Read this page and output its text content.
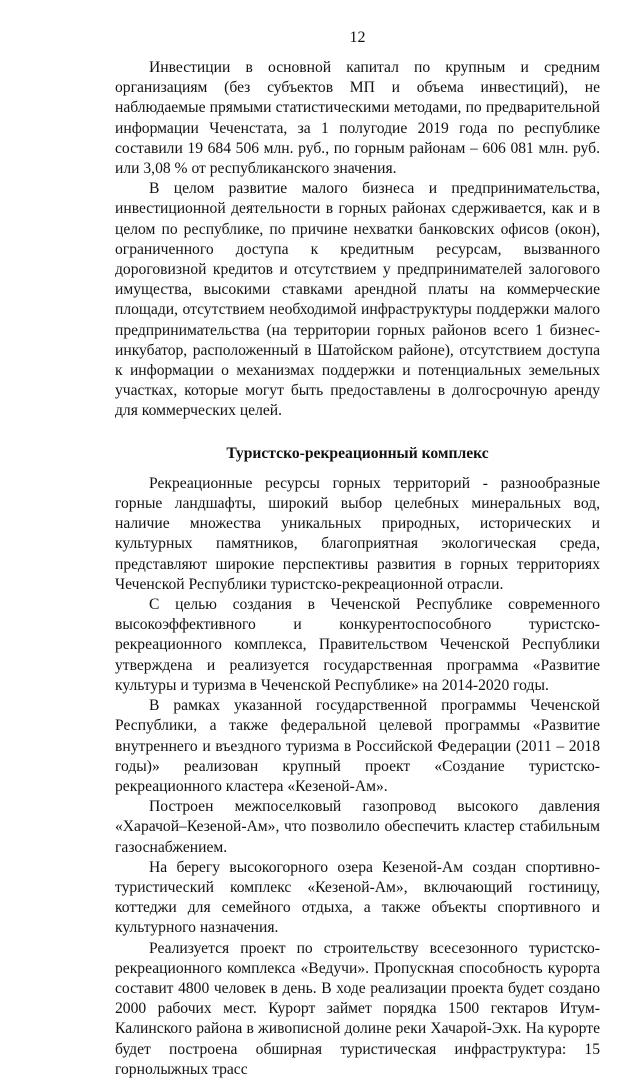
12

Инвестиции в основной капитал по крупным и средним организациям (без субъектов МП и объема инвестиций), не наблюдаемые прямыми статистическими методами, по предварительной информации Чеченстата, за 1 полугодие 2019 года по республике составили 19 684 506 млн. руб., по горным районам – 606 081 млн. руб. или 3,08 % от республиканского значения.

В целом развитие малого бизнеса и предпринимательства, инвестиционной деятельности в горных районах сдерживается, как и в целом по республике, по причине нехватки банковских офисов (окон), ограниченного доступа к кредитным ресурсам, вызванного дороговизной кредитов и отсутствием у предпринимателей залогового имущества, высокими ставками арендной платы на коммерческие площади, отсутствием необходимой инфраструктуры поддержки малого предпринимательства (на территории горных районов всего 1 бизнес-инкубатор, расположенный в Шатойском районе), отсутствием доступа к информации о механизмах поддержки и потенциальных земельных участках, которые могут быть предоставлены в долгосрочную аренду для коммерческих целей.

Туристско-рекреационный комплекс

Рекреационные ресурсы горных территорий - разнообразные горные ландшафты, широкий выбор целебных минеральных вод, наличие множества уникальных природных, исторических и культурных памятников, благоприятная экологическая среда, представляют широкие перспективы развития в горных территориях Чеченской Республики туристско-рекреационной отрасли.

С целью создания в Чеченской Республике современного высокоэффективного и конкурентоспособного туристско-рекреационного комплекса, Правительством Чеченской Республики утверждена и реализуется государственная программа «Развитие культуры и туризма в Чеченской Республике» на 2014-2020 годы.

В рамках указанной государственной программы Чеченской Республики, а также федеральной целевой программы «Развитие внутреннего и въездного туризма в Российской Федерации (2011 – 2018 годы)» реализован крупный проект «Создание туристско-рекреационного кластера «Кезеной-Ам».

Построен межпоселковый газопровод высокого давления «Харачой–Кезеной-Ам», что позволило обеспечить кластер стабильным газоснабжением.

На берегу высокогорного озера Кезеной-Ам создан спортивно-туристический комплекс «Кезеной-Ам», включающий гостиницу, коттеджи для семейного отдыха, а также объекты спортивного и культурного назначения.

Реализуется проект по строительству всесезонного туристско-рекреационного комплекса «Ведучи». Пропускная способность курорта составит 4800 человек в день. В ходе реализации проекта будет создано 2000 рабочих мест. Курорт займет порядка 1500 гектаров Итум-Калинского района в живописной долине реки Хачарой-Эхк. На курорте будет построена обширная туристическая инфраструктура: 15 горнолыжных трасс
